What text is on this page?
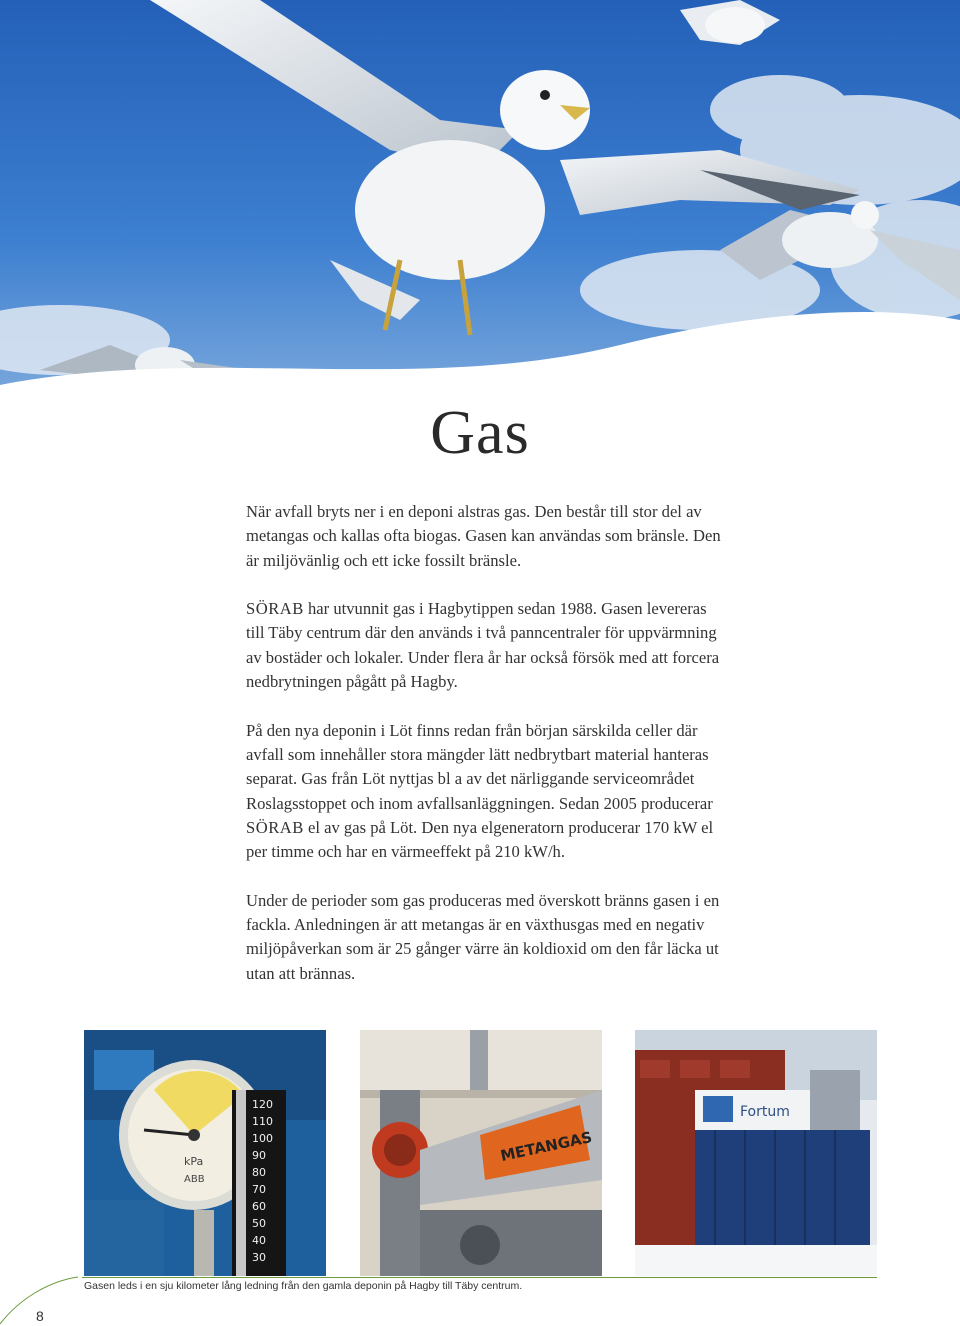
Gas

När avfall bryts ner i en deponi alstras gas. Den består till stor del av metangas och kallas ofta biogas. Gasen kan användas som bränsle. Den är miljövänlig och ett icke fossilt bränsle.

SÖRAB har utvunnit gas i Hagbytippen sedan 1988. Gasen levereras till Täby centrum där den används i två panncentraler för uppvärmning av bostäder och lokaler. Under flera år har också försök med att forcera nedbrytningen pågått på Hagby.

På den nya deponin i Löt finns redan från början särskilda celler där avfall som innehåller stora mängder lätt nedbrytbart material hanteras separat. Gas från Löt nyttjas bl a av det närliggande serviceområdet Roslagsstoppet och inom avfallsanläggningen. Sedan 2005 producerar SÖRAB el av gas på Löt. Den nya elgeneratorn producerar 170 kW el per timme och har en värmeeffekt på 210 kW/h.

Under de perioder som gas produceras med överskott bränns gasen i en fackla. Anledningen är att metangas är en växthusgas med en negativ miljöpåverkan som är 25 gånger värre än koldioxid om den får läcka ut utan att brännas.

kPa
ABB
120
110
100
90
80
70
60
50
40
30
METANGAS
Fortum
Gasen leds i en sju kilometer lång ledning från den gamla deponin på Hagby till Täby centrum.
8
